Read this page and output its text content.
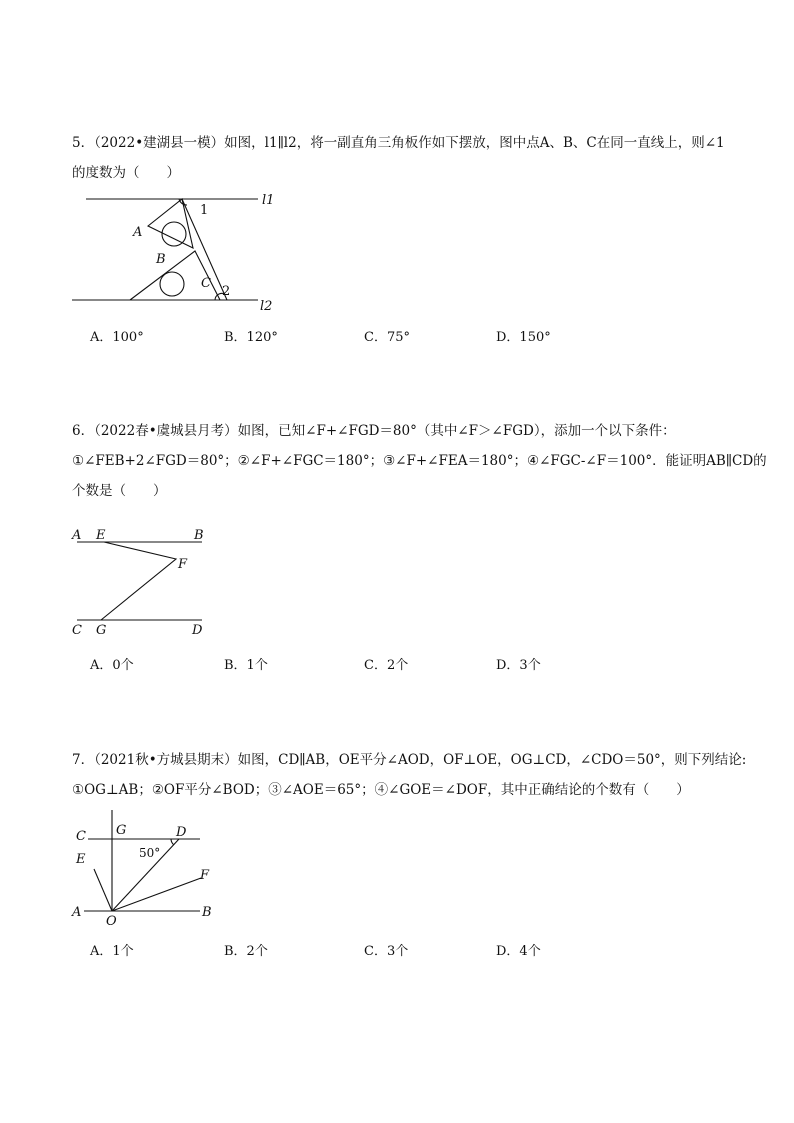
5．（2022•建湖县一模）如图，l1∥l2，将一副直角三角板作如下摆放，图中点A、B、C在同一直线上，则∠1

的度数为（　　）

l1
l2
A
B
C
1
2
A．100°	B．120°	C．75°	D．150°

6．（2022春•虞城县月考）如图，已知∠F+∠FGD＝80°（其中∠F＞∠FGD），添加一个以下条件：

①∠FEB+2∠FGD＝80°；②∠F+∠FGC＝180°；③∠F+∠FEA＝180°；④∠FGC-∠F＝100°．能证明AB∥CD的

个数是（　　）

A E	B
F
C G	D
A．0个	B．1个	C．2个	D．3个

7．（2021秋•方城县期末）如图，CD∥AB，OE平分∠AOD，OF⊥OE，OG⊥CD，∠CDO＝50°，则下列结论:

①OG⊥AB；②OF平分∠BOD；③∠AOE＝65°；④∠GOE＝∠DOF，其中正确结论的个数有（　　）

C G	D
E
F
A
O
B
50°
A．1个	B．2个	C．3个	D．4个
